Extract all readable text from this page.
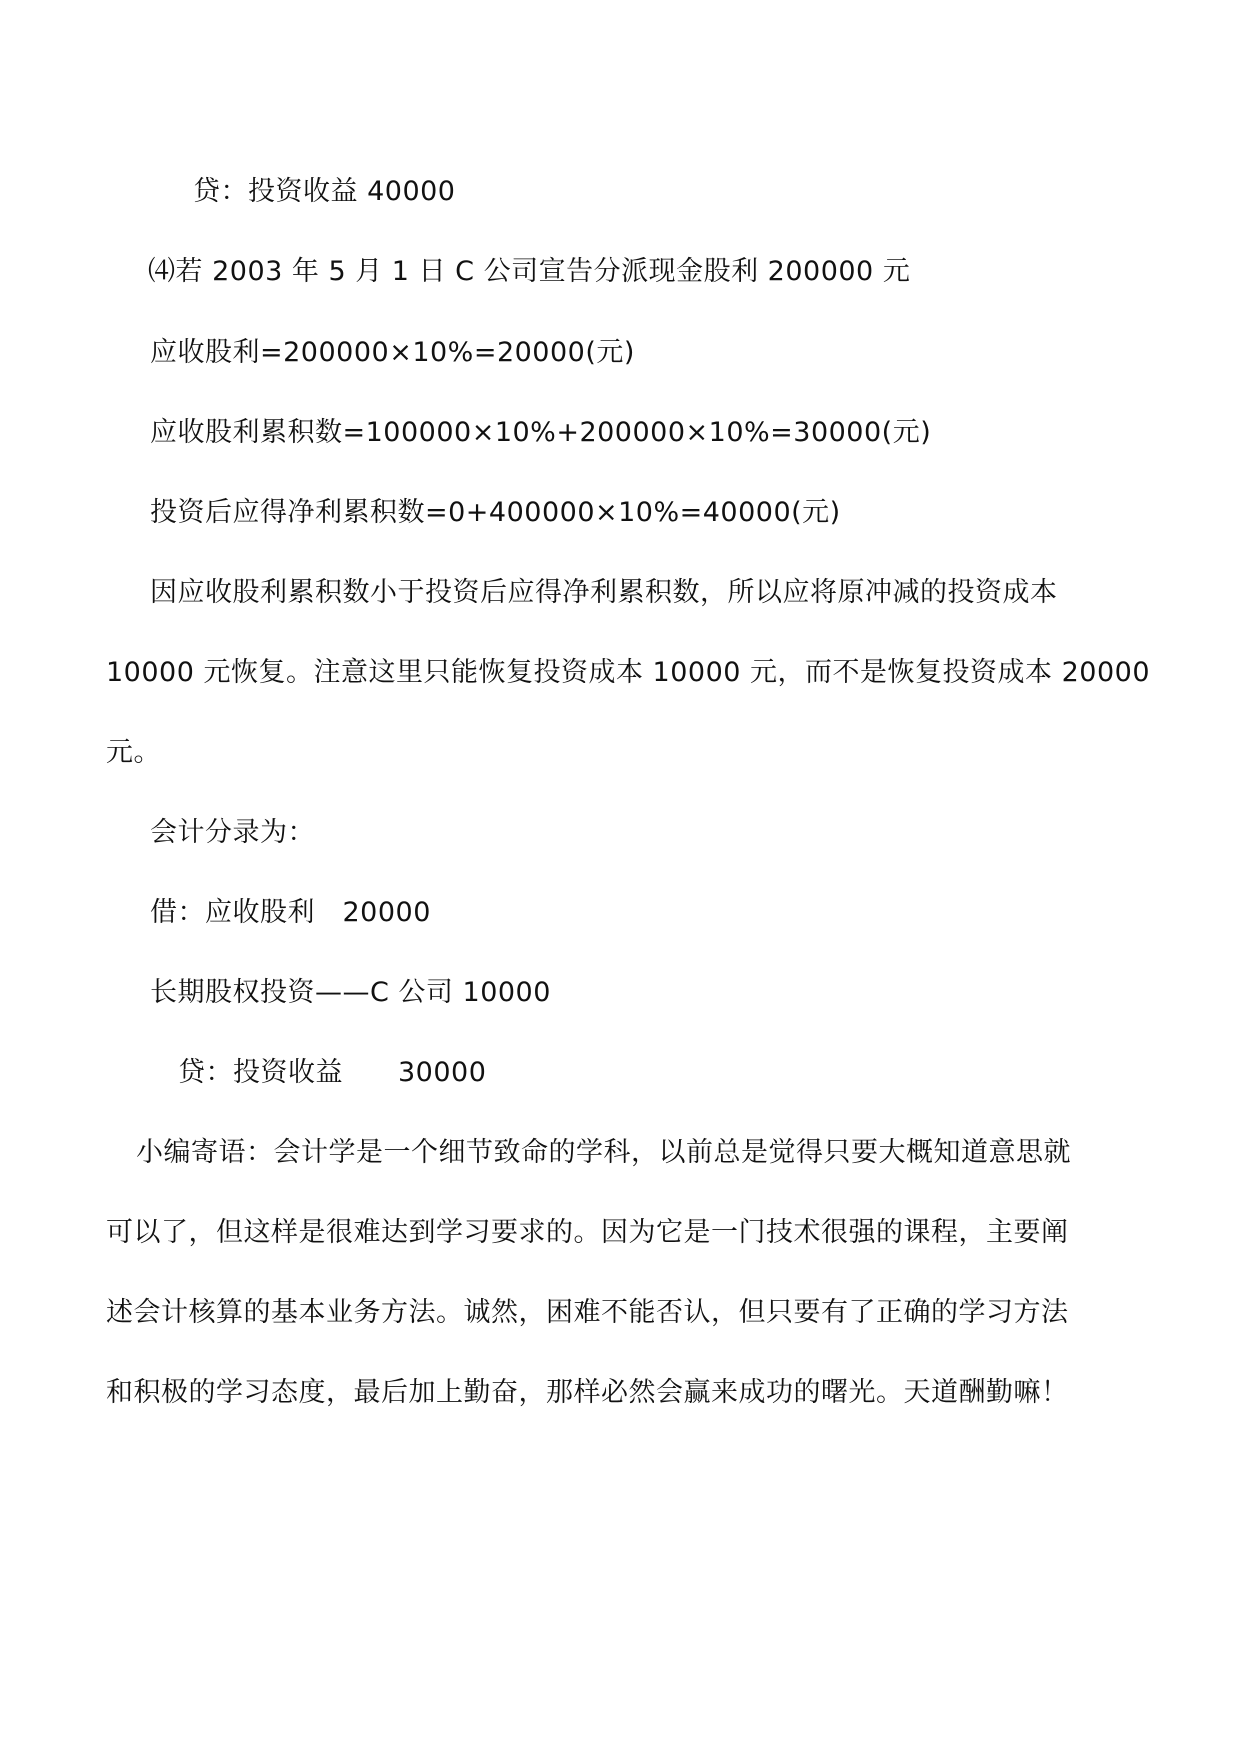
贷：投资收益 40000
⑷若 2003 年 5 月 1 日 C 公司宣告分派现金股利 200000 元
应收股利=200000×10%=20000(元)
应收股利累积数=100000×10%+200000×10%=30000(元)
投资后应得净利累积数=0+400000×10%=40000(元)
因应收股利累积数小于投资后应得净利累积数，所以应将原冲减的投资成本
10000 元恢复。注意这里只能恢复投资成本 10000 元，而不是恢复投资成本 20000
元。
会计分录为：
借：应收股利　20000
长期股权投资——C 公司 10000
贷：投资收益　　30000
小编寄语：会计学是一个细节致命的学科，以前总是觉得只要大概知道意思就
可以了，但这样是很难达到学习要求的。因为它是一门技术很强的课程，主要阐
述会计核算的基本业务方法。诚然，困难不能否认，但只要有了正确的学习方法
和积极的学习态度，最后加上勤奋，那样必然会赢来成功的曙光。天道酬勤嘛！
